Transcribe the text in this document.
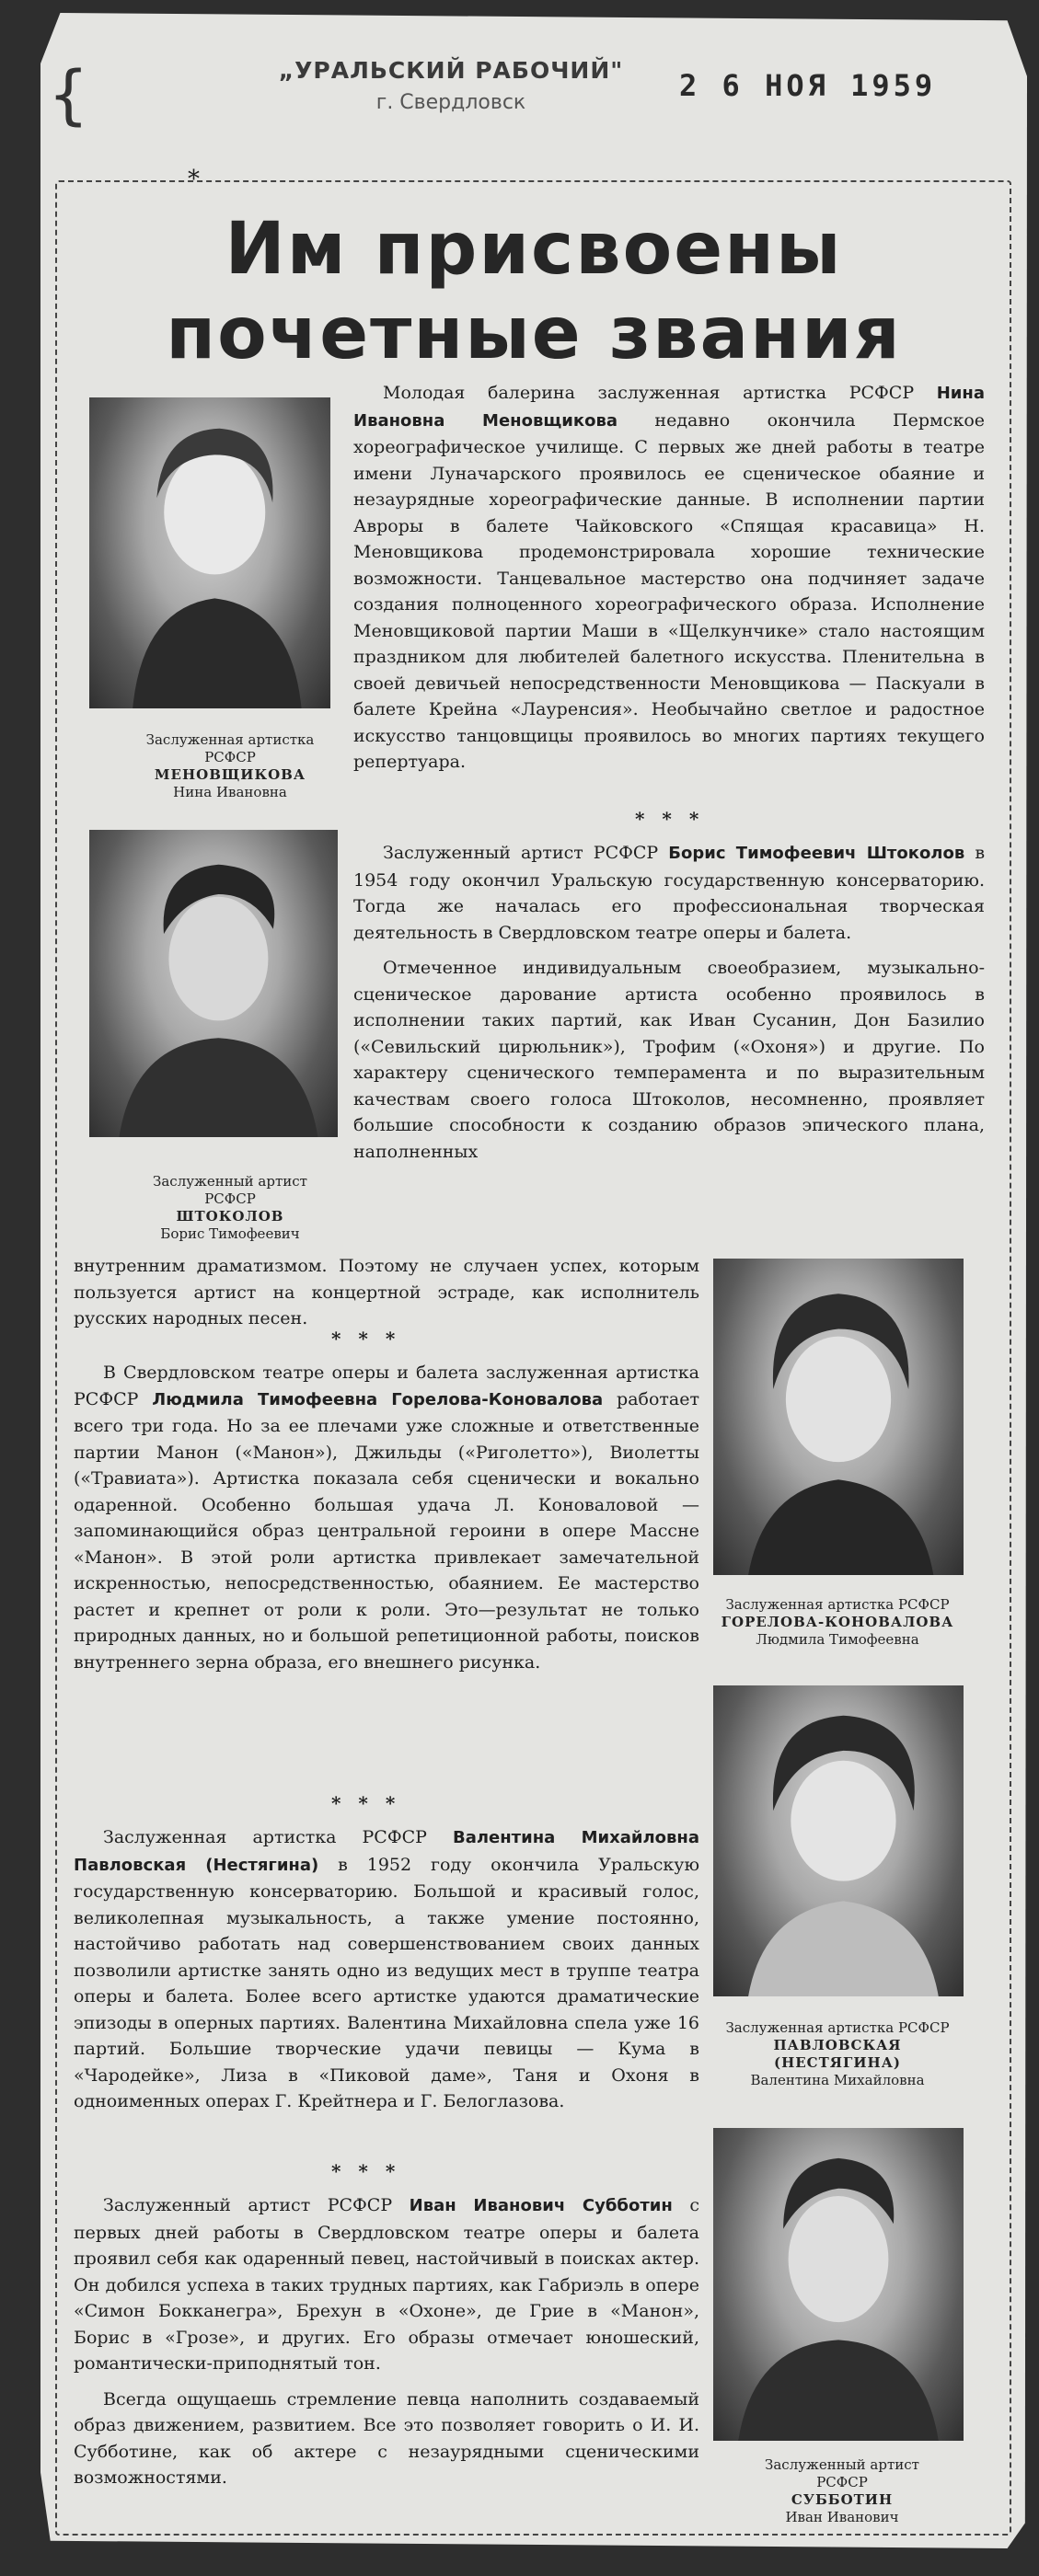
{	„УРАЛЬСКИЙ РАБОЧИЙ"
г. Свердловск	2 6 НОЯ 1959
*
Им присвоены
почетные звания
Заслуженная артистка РСФСР
МЕНОВЩИКОВА
Нина Ивановна
Заслуженный артист РСФСР
ШТОКОЛОВ
Борис Тимофеевич
Заслуженная артистка РСФСР
ГОРЕЛОВА-КОНОВАЛОВА
Людмила Тимофеевна
Заслуженная артистка РСФСР
ПАВЛОВСКАЯ (НЕСТЯГИНА)
Валентина Михайловна
Заслуженный артист РСФСР
СУББОТИН
Иван Иванович

Молодая балерина заслуженная артистка РСФСР Нина Ивановна Меновщикова недавно окончила Пермское хореографическое училище. С первых же дней работы в театре имени Луначарского проявилось ее сценическое обаяние и незаурядные хореографические данные. В исполнении партии Авроры в балете Чайковского «Спящая красавица» Н. Меновщикова продемонстрировала хорошие технические возможности. Танцевальное мастерство она подчиняет задаче создания полноценного хореографического образа. Исполнение Меновщиковой партии Маши в «Щелкунчике» стало настоящим праздником для любителей балетного искусства. Пленительна в своей девичьей непосредственности Меновщикова — Паскуали в балете Крейна «Лауренсия». Необычайно светлое и радостное искусство танцовщицы проявилось во многих партиях текущего репертуара.

* * *

Заслуженный артист РСФСР Борис Тимофеевич Штоколов в 1954 году окончил Уральскую государственную консерваторию. Тогда же началась его профессиональная творческая деятельность в Свердловском театре оперы и балета.

Отмеченное индивидуальным своеобразием, музыкально-сценическое дарование артиста особенно проявилось в исполнении таких партий, как Иван Сусанин, Дон Базилио («Севильский цирюльник»), Трофим («Охоня») и другие. По характеру сценического темперамента и по выразительным качествам своего голоса Штоколов, несомненно, проявляет большие способности к созданию образов эпического плана, наполненных

внутренним драматизмом. Поэтому не случаен успех, которым пользуется артист на концертной эстраде, как исполнитель русских народных песен.

* * *

В Свердловском театре оперы и балета заслуженная артистка РСФСР Людмила Тимофеевна Горелова-Коновалова работает всего три года. Но за ее плечами уже сложные и ответственные партии Манон («Манон»), Джильды («Риголетто»), Виолетты («Травиата»). Артистка показала себя сценически и вокально одаренной. Особенно большая удача Л. Коноваловой — запоминающийся образ центральной героини в опере Массне «Манон». В этой роли артистка привлекает замечательной искренностью, непосредственностью, обаянием. Ее мастерство растет и крепнет от роли к роли. Это—результат не только природных данных, но и большой репетиционной работы, поисков внутреннего зерна образа, его внешнего рисунка.

* * *

Заслуженная артистка РСФСР Валентина Михайловна Павловская (Нестягина) в 1952 году окончила Уральскую государственную консерваторию. Большой и красивый голос, великолепная музыкальность, а также умение постоянно, настойчиво работать над совершенствованием своих данных позволили артистке занять одно из ведущих мест в труппе театра оперы и балета. Более всего артистке удаются драматические эпизоды в оперных партиях. Валентина Михайловна спела уже 16 партий. Большие творческие удачи певицы — Кума в «Чародейке», Лиза в «Пиковой даме», Таня и Охоня в одноименных операх Г. Крейтнера и Г. Белоглазова.

* * *

Заслуженный артист РСФСР Иван Иванович Субботин с первых дней работы в Свердловском театре оперы и балета проявил себя как одаренный певец, настойчивый в поисках актер. Он добился успеха в таких трудных партиях, как Габриэль в опере «Симон Бокканегра», Брехун в «Охоне», де Грие в «Манон», Борис в «Грозе», и других. Его образы отмечает юношеский, романтически-приподнятый тон.

Всегда ощущаешь стремление певца наполнить создаваемый образ движением, развитием. Все это позволяет говорить о И. И. Субботине, как об актере с незаурядными сценическими возможностями.
